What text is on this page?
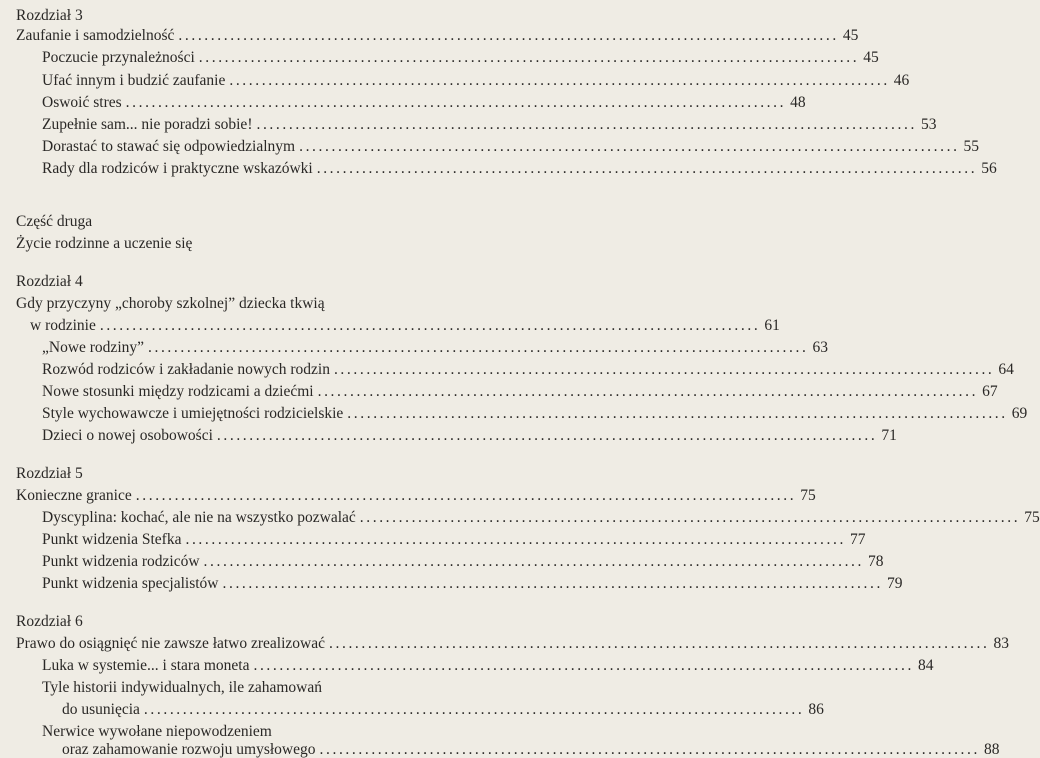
Rozdział 3
Zaufanie i samodzielność ...................................................................................................... 45
Poczucie przynależności ...................................................................................................... 45
Ufać innym i budzić zaufanie ...................................................................................................... 46
Oswoić stres ...................................................................................................... 48
Zupełnie sam... nie poradzi sobie! ...................................................................................................... 53
Dorastać to stawać się odpowiedzialnym ...................................................................................................... 55
Rady dla rodziców i praktyczne wskazówki ...................................................................................................... 56
Część druga
Życie rodzinne a uczenie się
Rozdział 4
Gdy przyczyny „choroby szkolnej” dziecka tkwią
w rodzinie ...................................................................................................... 61
„Nowe rodziny” ...................................................................................................... 63
Rozwód rodziców i zakładanie nowych rodzin ...................................................................................................... 64
Nowe stosunki między rodzicami a dziećmi ...................................................................................................... 67
Style wychowawcze i umiejętności rodzicielskie ...................................................................................................... 69
Dzieci o nowej osobowości ...................................................................................................... 71
Rozdział 5
Konieczne granice ...................................................................................................... 75
Dyscyplina: kochać, ale nie na wszystko pozwalać ...................................................................................................... 75
Punkt widzenia Stefka ...................................................................................................... 77
Punkt widzenia rodziców ...................................................................................................... 78
Punkt widzenia specjalistów ...................................................................................................... 79
Rozdział 6
Prawo do osiągnięć nie zawsze łatwo zrealizować ...................................................................................................... 83
Luka w systemie... i stara moneta ...................................................................................................... 84
Tyle historii indywidualnych, ile zahamowań
do usunięcia ...................................................................................................... 86
Nerwice wywołane niepowodzeniem
oraz zahamowanie rozwoju umysłowego ...................................................................................................... 88
